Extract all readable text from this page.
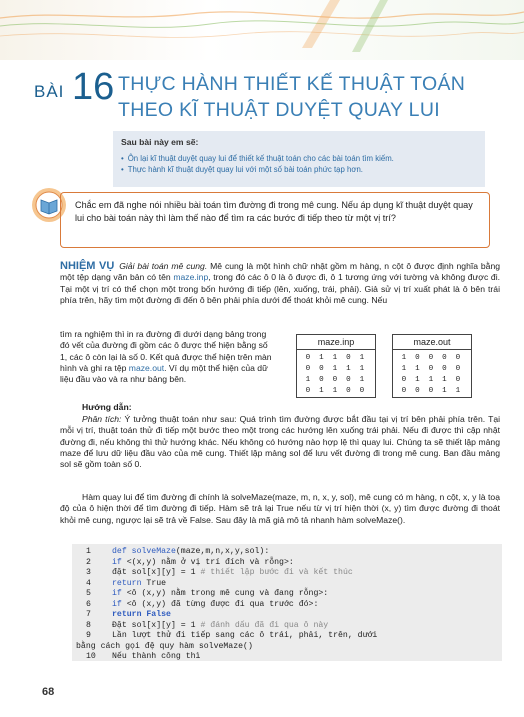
BÀI 16 THỰC HÀNH THIẾT KẾ THUẬT TOÁN
THEO KĨ THUẬT DUYỆT QUAY LUI
Sau bài này em sẽ:
• Ôn lại kĩ thuật duyệt quay lui để thiết kế thuật toán cho các bài toán tìm kiếm.
• Thực hành kĩ thuật duyệt quay lui với một số bài toán phức tạp hơn.
Chắc em đã nghe nói nhiều bài toán tìm đường đi trong mê cung. Nếu áp dụng kĩ thuật duyệt quay lui cho bài toán này thì làm thế nào để tìm ra các bước đi tiếp theo từ một vị trí?
NHIỆM VỤ Giải bài toán mê cung. Mê cung là một hình chữ nhật gồm m hàng, n cột ô được định nghĩa bằng một tệp dạng văn bản có tên maze.inp, trong đó các ô 0 là ô được đi, ô 1 tương ứng với tường và không được đi. Tại một vị trí có thể chọn một trong bốn hướng đi tiếp (lên, xuống, trái, phải). Giả sử vị trí xuất phát là ô bên trái phía trên, hãy tìm một đường đi đến ô bên phải phía dưới để thoát khỏi mê cung. Nếu
tìm ra nghiệm thì in ra đường đi dưới dạng bảng trong đó vết của đường đi gồm các ô được thể hiện bằng số 1, các ô còn lại là số 0. Kết quả được thể hiện trên màn hình và ghi ra tệp maze.out. Ví dụ một thể hiện của dữ liệu đầu vào và ra như bảng bên.
maze.inp
0 1 1 0 1
0 0 1 1 1
1 0 0 0 1
0 1 1 0 0
maze.out
1 0 0 0 0
1 1 0 0 0
0 1 1 1 0
0 0 0 1 1
Hướng dẫn:
Phân tích: Ý tưởng thuật toán như sau: Quá trình tìm đường được bắt đầu tại vị trí bên phải phía trên. Tại mỗi vị trí, thuật toán thử đi tiếp một bước theo một trong các hướng lên xuống trái phải. Nếu đi được thì cập nhật đường đi, nếu không thì thử hướng khác. Nếu không có hướng nào hợp lệ thì quay lui. Chúng ta sẽ thiết lập mảng maze để lưu dữ liệu đầu vào của mê cung. Thiết lập mảng sol để lưu vết đường đi trong mê cung. Ban đầu mảng sol sẽ gồm toàn số 0.
Hàm quay lui để tìm đường đi chính là solveMaze(maze, m, n, x, y, sol), mê cung có m hàng, n cột, x, y là toạ độ của ô hiện thời để tìm đường đi tiếp. Hàm sẽ trả lại True nếu từ vị trí hiện thời (x, y) tìm được đường đi thoát khỏi mê cung, ngược lại sẽ trả về False. Sau đây là mã giả mô tả nhanh hàm solveMaze().
1	def solveMaze(maze,m,n,x,y,sol):
2	if <(x,y) nằm ở vị trí đích và rỗng>:
3	đặt sol[x][y] = 1 # thiết lập bước đi và kết thúc
4	return True
5	if <ô (x,y) nằm trong mê cung và đang rỗng>:
6	if <ô (x,y) đã từng được đi qua trước đó>:
7	return False
8	Đặt sol[x][y] = 1 # đánh dấu đã đi qua ô này
9	Lần lượt thử đi tiếp sang các ô trái, phải, trên, dưới
bằng cách gọi đệ quy hàm solveMaze()
10	Nếu thành công thì
68
